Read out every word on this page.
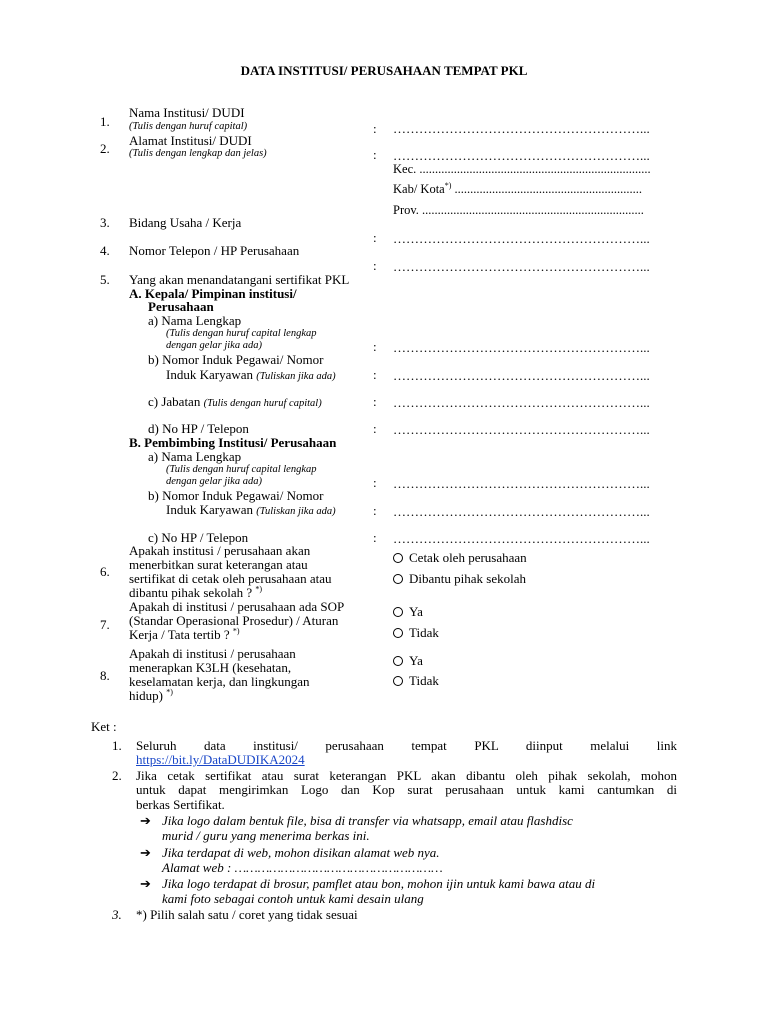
DATA INSTITUSI/ PERUSAHAAN TEMPAT PKL
1.
Nama Institusi/ DUDI
(Tulis dengan huruf capital)	: …………………………………………………...
2.
Alamat Institusi/ DUDI
(Tulis dengan lengkap dan jelas)	: …………………………………………………...
Kec. ..........................................................................
Kab/ Kota*) ............................................................
Prov. .......................................................................
3.	Bidang Usaha / Kerja
: …………………………………………………...
4.	Nomor Telepon / HP Perusahaan
: …………………………………………………...
5.	Yang akan menandatangani sertifikat PKL
A. Kepala/ Pimpinan institusi/
Perusahaan
a) Nama Lengkap
(Tulis dengan huruf capital lengkap
dengan gelar jika ada)	: …………………………………………………...
b) Nomor Induk Pegawai/ Nomor
Induk Karyawan (Tuliskan jika ada)	: …………………………………………………...
c) Jabatan (Tulis dengan huruf capital)	: …………………………………………………...
d) No HP / Telepon	: …………………………………………………...
B. Pembimbing Institusi/ Perusahaan
a) Nama Lengkap
(Tulis dengan huruf capital lengkap
dengan gelar jika ada)	: …………………………………………………...
b) Nomor Induk Pegawai/ Nomor
Induk Karyawan (Tuliskan jika ada)	: …………………………………………………...
c) No HP / Telepon	: …………………………………………………...
6.
Apakah institusi / perusahaan akan
menerbitkan surat keterangan atau
sertifikat di cetak oleh perusahaan atau
dibantu pihak sekolah ? *)
Cetak oleh perusahaan
Dibantu pihak sekolah
7.
Apakah di institusi / perusahaan ada SOP
(Standar Operasional Prosedur) / Aturan
Kerja / Tata tertib ? *)
Ya
Tidak
8.
Apakah di institusi / perusahaan
menerapkan K3LH (kesehatan,
keselamatan kerja, dan lingkungan
hidup) *)
Ya
Tidak
Ket :
1. Seluruh data institusi/ perusahaan tempat PKL diinput melalui link
https://bit.ly/DataDUDIKA2024
2. Jika cetak sertifikat atau surat keterangan PKL akan dibantu oleh pihak sekolah, mohon
untuk dapat mengirimkan Logo dan Kop surat perusahaan untuk kami cantumkan di
berkas Sertifikat.
➔ Jika logo dalam bentuk file, bisa di transfer via whatsapp, email atau flashdisc
murid / guru yang menerima berkas ini.
➔ Jika terdapat di web, mohon disikan alamat web nya.
Alamat web : ………………………………………………
➔ Jika logo terdapat di brosur, pamflet atau bon, mohon ijin untuk kami bawa atau di
kami foto sebagai contoh untuk kami desain ulang
3. *) Pilih salah satu / coret yang tidak sesuai
